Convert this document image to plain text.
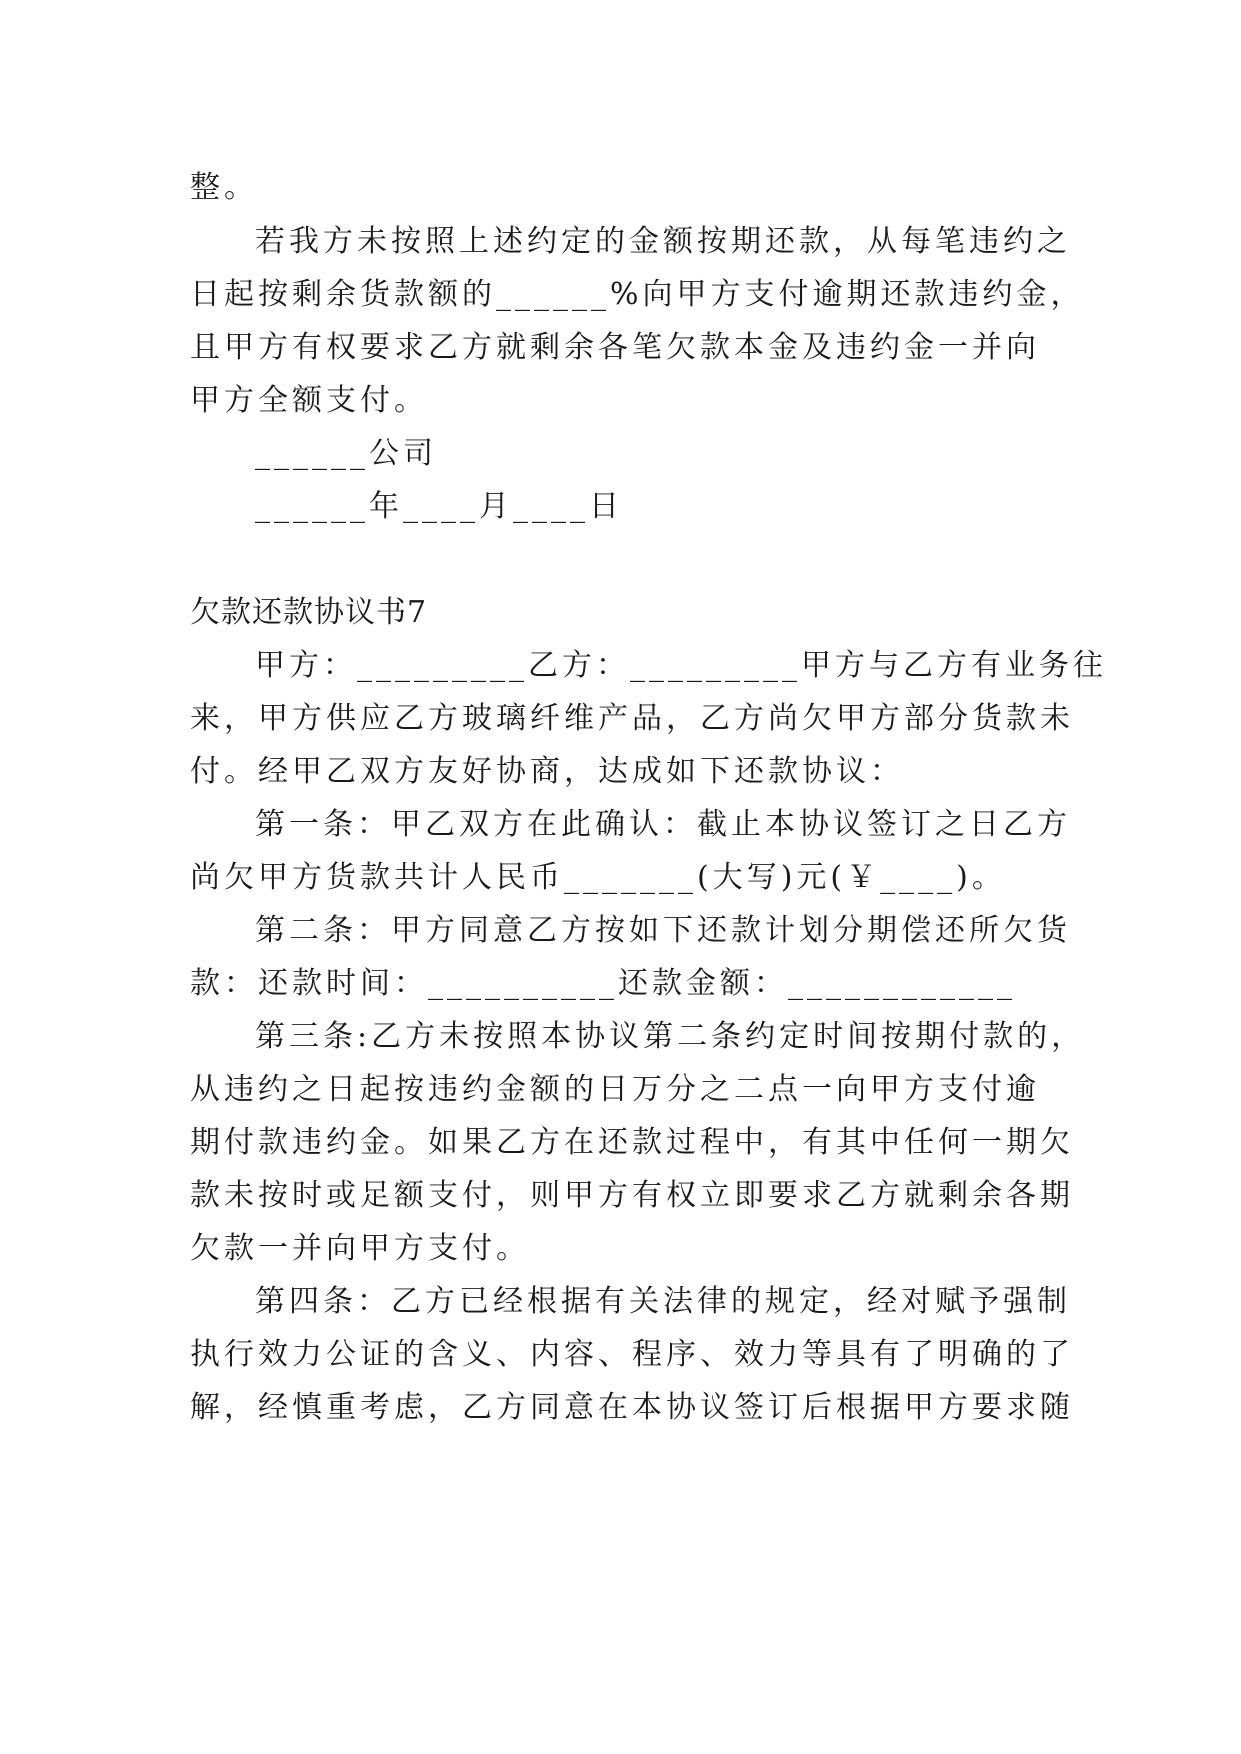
整。
若我方未按照上述约定的金额按期还款，从每笔违约之
日起按剩余货款额的______%向甲方支付逾期还款违约金，
且甲方有权要求乙方就剩余各笔欠款本金及违约金一并向
甲方全额支付。
______公司
______年____月____日
欠款还款协议书7
甲方：_________乙方：_________甲方与乙方有业务往
来，甲方供应乙方玻璃纤维产品，乙方尚欠甲方部分货款未
付。经甲乙双方友好协商，达成如下还款协议：
第一条：甲乙双方在此确认：截止本协议签订之日乙方
尚欠甲方货款共计人民币_______(大写)元(￥____)。
第二条：甲方同意乙方按如下还款计划分期偿还所欠货
款：还款时间：__________还款金额：____________
第三条:乙方未按照本协议第二条约定时间按期付款的，
从违约之日起按违约金额的日万分之二点一向甲方支付逾
期付款违约金。如果乙方在还款过程中，有其中任何一期欠
款未按时或足额支付，则甲方有权立即要求乙方就剩余各期
欠款一并向甲方支付。
第四条：乙方已经根据有关法律的规定，经对赋予强制
执行效力公证的含义、内容、程序、效力等具有了明确的了
解，经慎重考虑，乙方同意在本协议签订后根据甲方要求随
